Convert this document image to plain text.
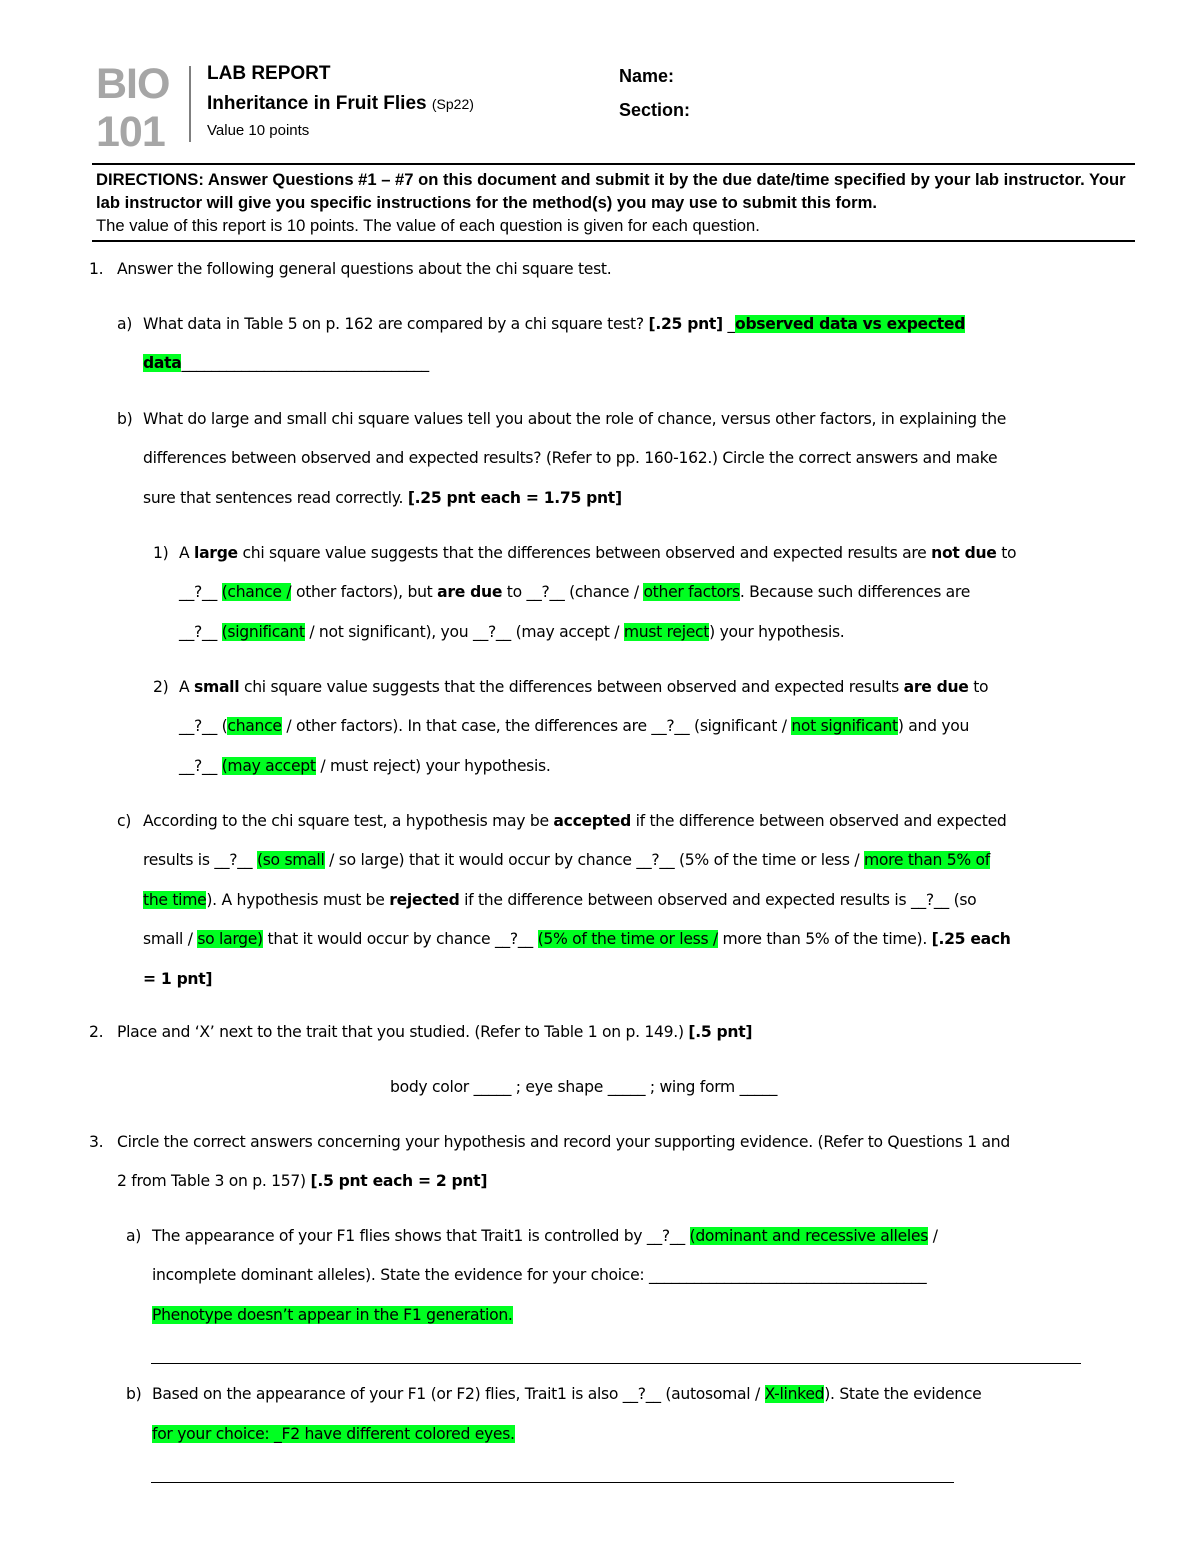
BIO
101
LAB REPORT
Inheritance in Fruit Flies (Sp22)
Value 10 points
Name:
Section:
DIRECTIONS: Answer Questions #1 – #7 on this document and submit it by the due date/time specified by your lab instructor. Your lab instructor will give you specific instructions for the method(s) you may use to submit this form.
The value of this report is 10 points. The value of each question is given for each question.
1. Answer the following general questions about the chi square test.
a) What data in Table 5 on p. 162 are compared by a chi square test? [.25 pnt] _observed data vs expected
data_________________________________
b) What do large and small chi square values tell you about the role of chance, versus other factors, in explaining the
differences between observed and expected results? (Refer to pp. 160-162.) Circle the correct answers and make
sure that sentences read correctly. [.25 pnt each = 1.75 pnt]
1) A large chi square value suggests that the differences between observed and expected results are not due to
__?__ (chance / other factors), but are due to __?__ (chance / other factors. Because such differences are
__?__ (significant / not significant), you __?__ (may accept / must reject) your hypothesis.
2) A small chi square value suggests that the differences between observed and expected results are due to
__?__ (chance / other factors). In that case, the differences are __?__ (significant / not significant) and you
__?__ (may accept / must reject) your hypothesis.
c) According to the chi square test, a hypothesis may be accepted if the difference between observed and expected
results is __?__ (so small / so large) that it would occur by chance __?__ (5% of the time or less / more than 5% of
the time). A hypothesis must be rejected if the difference between observed and expected results is __?__ (so
small / so large) that it would occur by chance __?__ (5% of the time or less / more than 5% of the time). [.25 each
= 1 pnt]
2. Place and ‘X’ next to the trait that you studied. (Refer to Table 1 on p. 149.) [.5 pnt]
body color _____ ; eye shape _____ ; wing form _____
3. Circle the correct answers concerning your hypothesis and record your supporting evidence. (Refer to Questions 1 and
2 from Table 3 on p. 157) [.5 pnt each = 2 pnt]
a) The appearance of your F1 flies shows that Trait1 is controlled by __?__ (dominant and recessive alleles /
incomplete dominant alleles). State the evidence for your choice: _____________________________________
Phenotype doesn’t appear in the F1 generation.
b) Based on the appearance of your F1 (or F2) flies, Trait1 is also __?__ (autosomal / X-linked). State the evidence
for your choice: _F2 have different colored eyes.
